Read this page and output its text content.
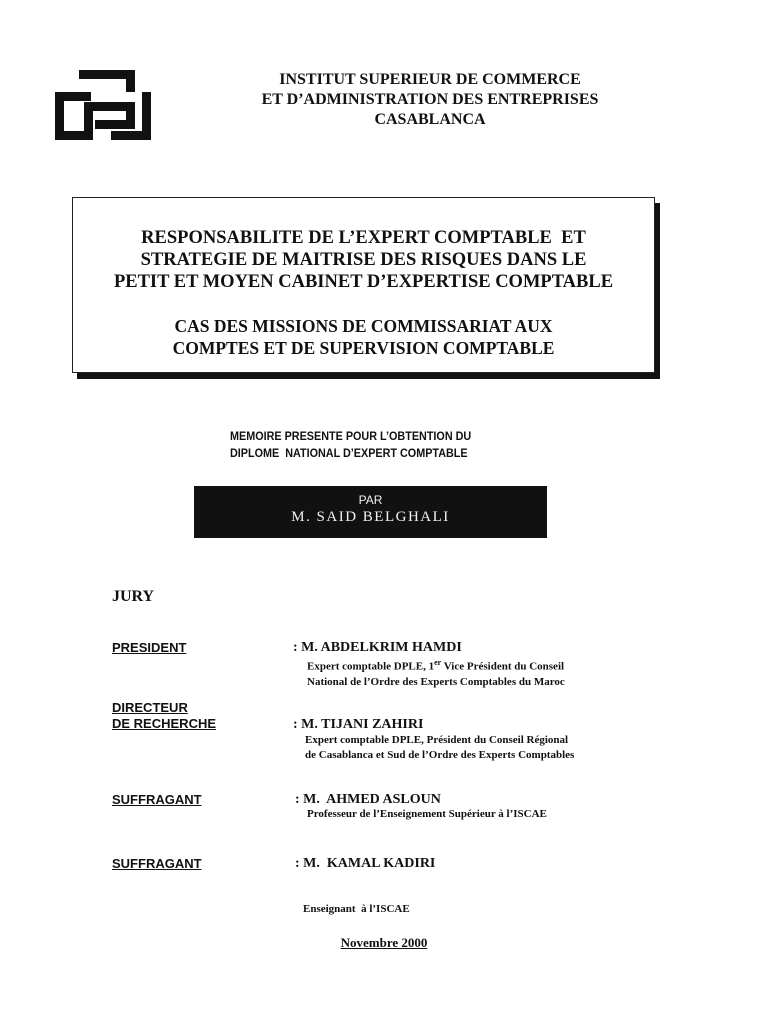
INSTITUT SUPERIEUR DE COMMERCE
ET D’ADMINISTRATION DES ENTREPRISES
CASABLANCA
RESPONSABILITE DE L’EXPERT COMPTABLE  ET
STRATEGIE DE MAITRISE DES RISQUES DANS LE
PETIT ET MOYEN CABINET D’EXPERTISE COMPTABLE
CAS DES MISSIONS DE COMMISSARIAT AUX
COMPTES ET DE SUPERVISION COMPTABLE
MEMOIRE PRESENTE POUR L’OBTENTION DU
DIPLOME  NATIONAL D’EXPERT COMPTABLE
PAR
M. SAID BELGHALI
JURY
PRESIDENT	: M. ABDELKRIM HAMDI
Expert comptable DPLE, 1er Vice Président du Conseil
National de l’Ordre des Experts Comptables du Maroc
DIRECTEUR
DE RECHERCHE	: M. TIJANI ZAHIRI
Expert comptable DPLE, Président du Conseil Régional
de Casablanca et Sud de l’Ordre des Experts Comptables
SUFFRAGANT	: M.  AHMED ASLOUN
Professeur de l’Enseignement Supérieur à l’ISCAE
SUFFRAGANT	: M.  KAMAL KADIRI

Enseignant  à l’ISCAE

Novembre 2000
